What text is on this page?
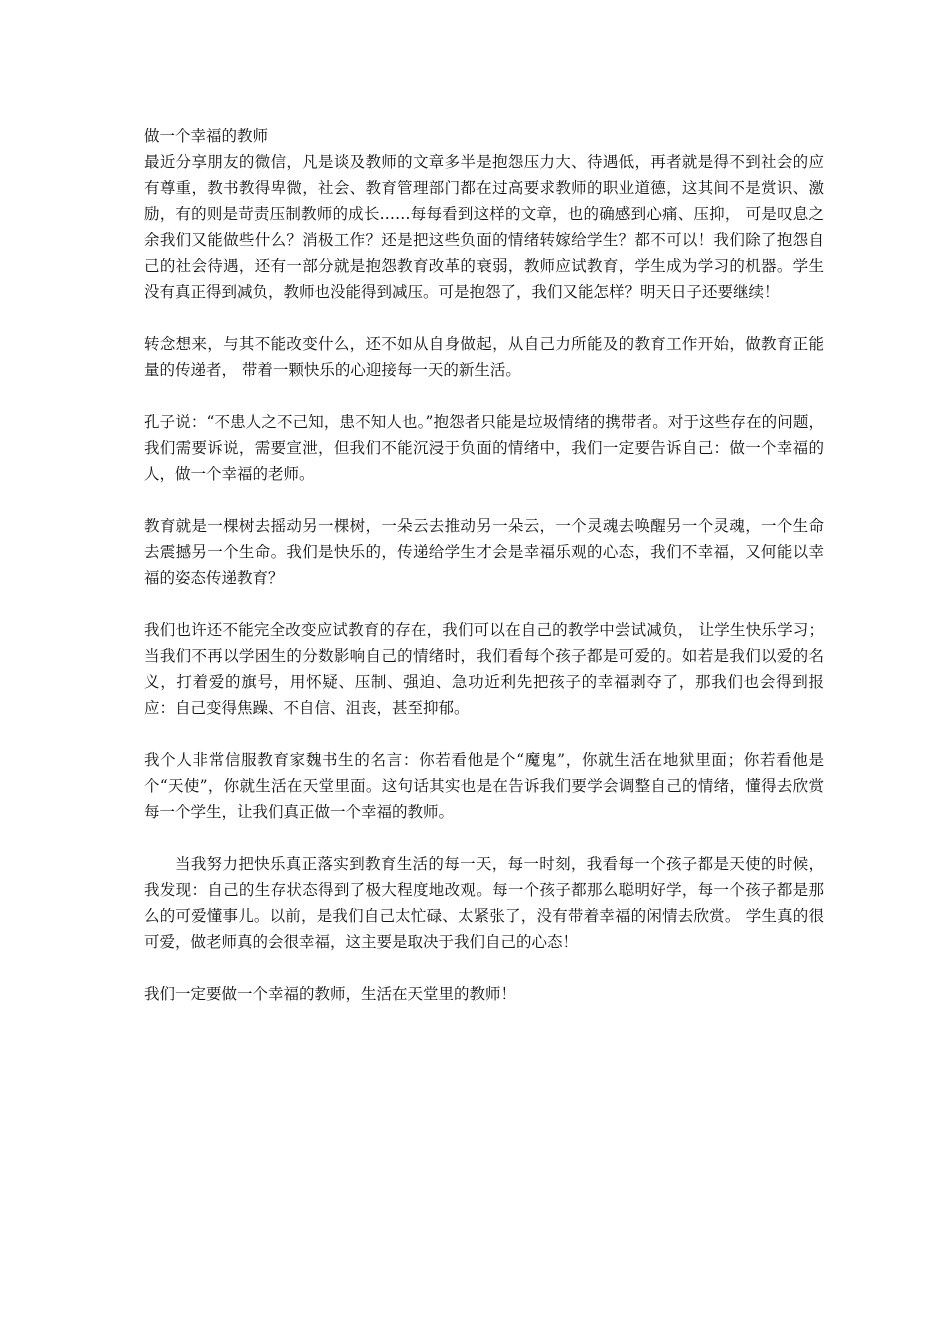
做一个幸福的教师

最近分享朋友的微信，凡是谈及教师的文章多半是抱怨压力大、待遇低，再者就是得不到社会的应有尊重，教书教得卑微，社会、教育管理部门都在过高要求教师的职业道德，这其间不是赏识、激励，有的则是苛责压制教师的成长……每每看到这样的文章，也的确感到心痛、压抑， 可是叹息之余我们又能做些什么？消极工作？还是把这些负面的情绪转嫁给学生？都不可以！我们除了抱怨自己的社会待遇，还有一部分就是抱怨教育改革的衰弱，教师应试教育，学生成为学习的机器。学生没有真正得到减负，教师也没能得到减压。可是抱怨了，我们又能怎样？明天日子还要继续！

转念想来，与其不能改变什么，还不如从自身做起，从自己力所能及的教育工作开始，做教育正能量的传递者， 带着一颗快乐的心迎接每一天的新生活。

孔子说：“不患人之不己知，患不知人也。”抱怨者只能是垃圾情绪的携带者。对于这些存在的问题，我们需要诉说，需要宣泄，但我们不能沉浸于负面的情绪中，我们一定要告诉自己：做一个幸福的人，做一个幸福的老师。

教育就是一棵树去摇动另一棵树，一朵云去推动另一朵云，一个灵魂去唤醒另一个灵魂，一个生命去震撼另一个生命。我们是快乐的，传递给学生才会是幸福乐观的心态，我们不幸福，又何能以幸福的姿态传递教育？

我们也许还不能完全改变应试教育的存在，我们可以在自己的教学中尝试减负， 让学生快乐学习；当我们不再以学困生的分数影响自己的情绪时，我们看每个孩子都是可爱的。如若是我们以爱的名义，打着爱的旗号，用怀疑、压制、强迫、急功近利先把孩子的幸福剥夺了，那我们也会得到报应：自己变得焦躁、不自信、沮丧，甚至抑郁。

我个人非常信服教育家魏书生的名言：你若看他是个“魔鬼”，你就生活在地狱里面；你若看他是个“天使”，你就生活在天堂里面。这句话其实也是在告诉我们要学会调整自己的情绪，懂得去欣赏每一个学生，让我们真正做一个幸福的教师。

当我努力把快乐真正落实到教育生活的每一天，每一时刻，我看每一个孩子都是天使的时候，我发现：自己的生存状态得到了极大程度地改观。每一个孩子都那么聪明好学，每一个孩子都是那么的可爱懂事儿。以前，是我们自己太忙碌、太紧张了，没有带着幸福的闲情去欣赏。 学生真的很可爱，做老师真的会很幸福，这主要是取决于我们自己的心态！

我们一定要做一个幸福的教师，生活在天堂里的教师！
